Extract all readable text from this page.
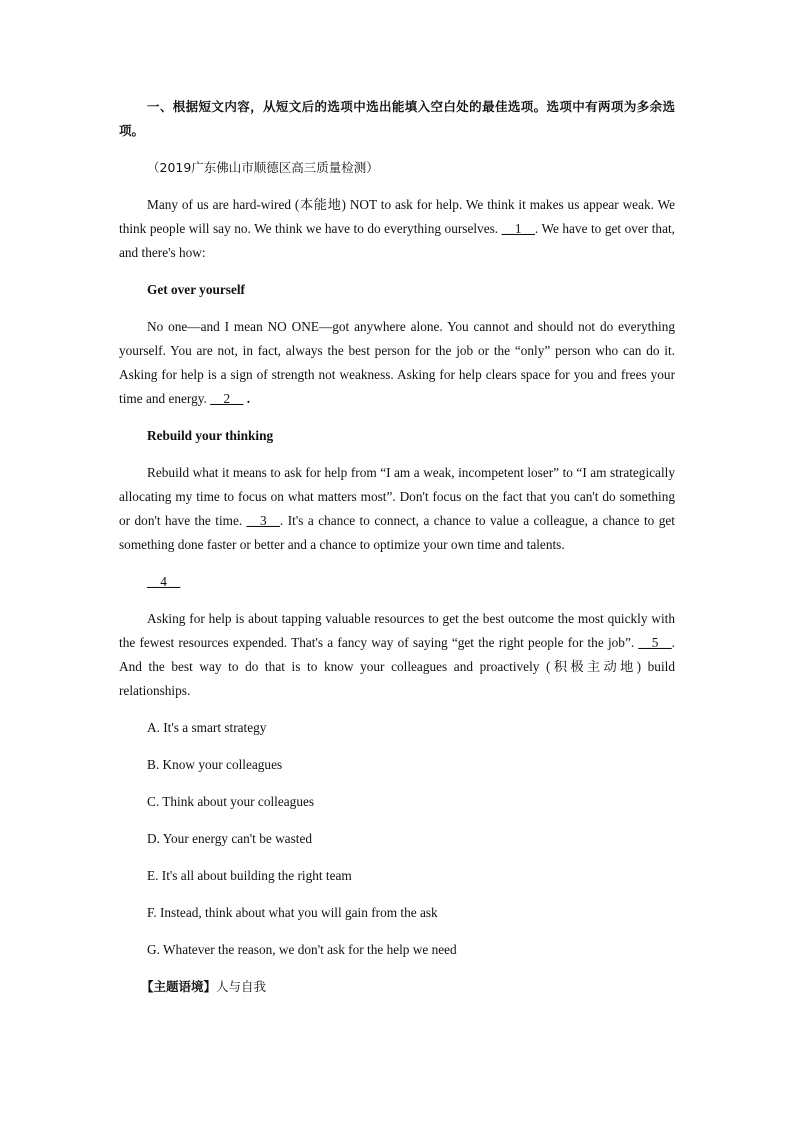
一、根据短文内容，从短文后的选项中选出能填入空白处的最佳选项。选项中有两项为多余选项。

（2019广东佛山市顺德区高三质量检测）

Many of us are hard-wired (本能地) NOT to ask for help. We think it makes us appear weak. We think people will say no. We think we have to do everything ourselves. __1__. We have to get over that, and there's how:

Get over yourself

No one—and I mean NO ONE—got anywhere alone. You cannot and should not do everything yourself. You are not, in fact, always the best person for the job or the “only” person who can do it. Asking for help is a sign of strength not weakness. Asking for help clears space for you and frees your time and energy. __2__ .

Rebuild your thinking

Rebuild what it means to ask for help from “I am a weak, incompetent loser” to “I am strategically allocating my time to focus on what matters most”. Don't focus on the fact that you can't do something or don't have the time. __3__. It's a chance to connect, a chance to value a colleague, a chance to get something done faster or better and a chance to optimize your own time and talents.

__4__

Asking for help is about tapping valuable resources to get the best outcome the most quickly with the fewest resources expended. That's a fancy way of saying “get the right people for the job”. __5__. And the best way to do that is to know your colleagues and proactively (积极主动地) build relationships.

A. It's a smart strategy
B. Know your colleagues
C. Think about your colleagues
D. Your energy can't be wasted
E. It's all about building the right team
F. Instead, think about what you will gain from the ask
G. Whatever the reason, we don't ask for the help we need
【主题语境】人与自我
